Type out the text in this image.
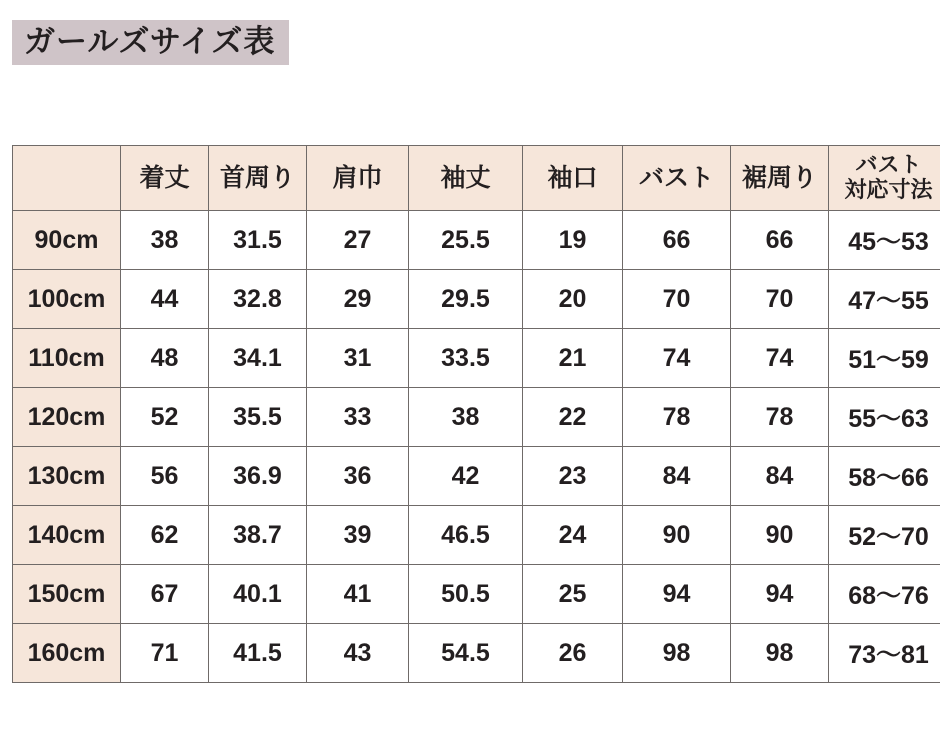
ガールズサイズ表
	着丈	首周り	肩巾	袖丈	袖口	バスト	裾周り	バスト
対応寸法

90cm	38	31.5	27	25.5	19	66	66	45〜53
100cm	44	32.8	29	29.5	20	70	70	47〜55
110cm	48	34.1	31	33.5	21	74	74	51〜59
120cm	52	35.5	33	38	22	78	78	55〜63
130cm	56	36.9	36	42	23	84	84	58〜66
140cm	62	38.7	39	46.5	24	90	90	52〜70
150cm	67	40.1	41	50.5	25	94	94	68〜76
160cm	71	41.5	43	54.5	26	98	98	73〜81
